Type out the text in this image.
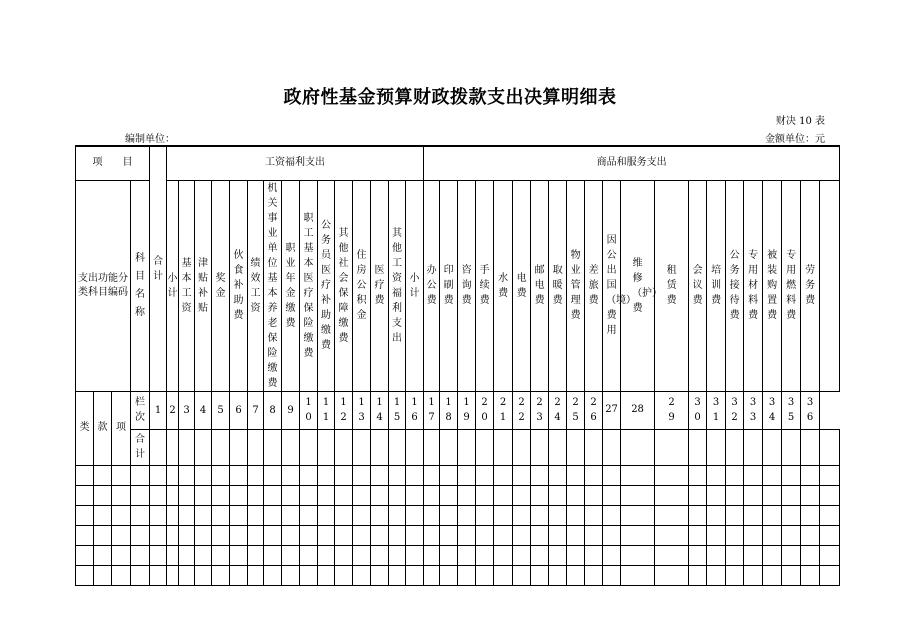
政府性基金预算财政拨款支出决算明细表
财决 10 表
编制单位：	金额单位：元
项　　目				合计	工资福利支出															商品和服务支出																				
支出功能分类科目编码			科目名称		小计	基本工资	津贴补贴	奖金	伙食补助费	绩效工资	机关事业单位基本养老保险缴费	职业年金缴费	职工基本医疗保险缴费	公务员医疗补助缴费	其他社会保障缴费	住房公积金	医疗费	其他工资福利支出	小计	办公费	印刷费	咨询费	手续费	水费	电费	邮电费	取暖费	物业管理费	差旅费	因公出国（境）费用	维修（护）费	租赁费	会议费	培训费	公务接待费	专用材料费	被装购置费	专用燃料费	劳务费	
类	款	项	栏次	1	2	3	4	5	6	7	8	9	10	11	12	13	14	15	16	17	18	19	20	21	22	23	24	25	26	27	28	29	30	31	32	33	34	35	36	
			合计																																					
